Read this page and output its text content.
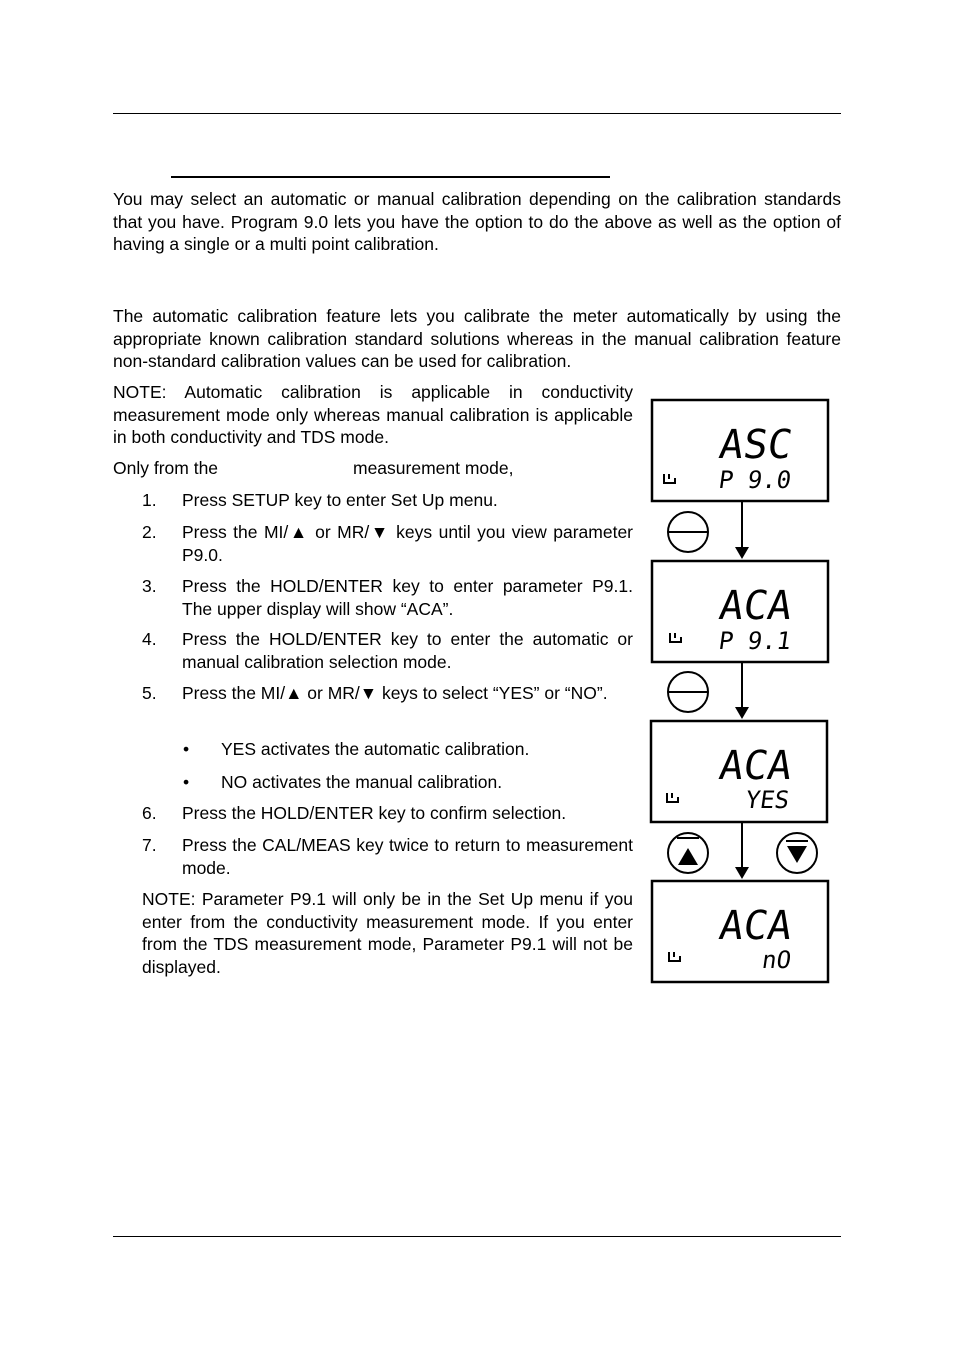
You may select an automatic or manual calibration depending on the calibration standards that you have. Program 9.0 lets you have the option to do the above as well as the option of having a single or a multi point calibration.

The automatic calibration feature lets you calibrate the meter automatically by using the appropriate known calibration standard solutions whereas in the manual calibration feature non-standard calibration values can be used for calibration.

NOTE: Automatic calibration is applicable in conductivity measurement mode only whereas manual calibration is applicable in both conductivity and TDS mode.

Only from the	measurement mode,
1. Press SETUP key to enter Set Up menu.
2. Press the MI/▲ or MR/▼ keys until you view parameter P9.0.
3. Press the HOLD/ENTER key to enter parameter P9.1. The upper display will show “ACA”.
4. Press the HOLD/ENTER key to enter the automatic or manual calibration selection mode.
5. Press the MI/▲ or MR/▼ keys to select “YES” or “NO”.
• YES activates the automatic calibration.
• NO activates the manual calibration.
6. Press the HOLD/ENTER key to confirm selection.
7. Press the CAL/MEAS key twice to return to measurement mode.

NOTE: Parameter P9.1 will only be in the Set Up menu if you enter from the conductivity measurement mode. If you enter from the TDS measurement mode, Parameter P9.1 will not be displayed.

ASC
P 9.0
ACA
P 9.1
ACA
YES
ACA
nO
